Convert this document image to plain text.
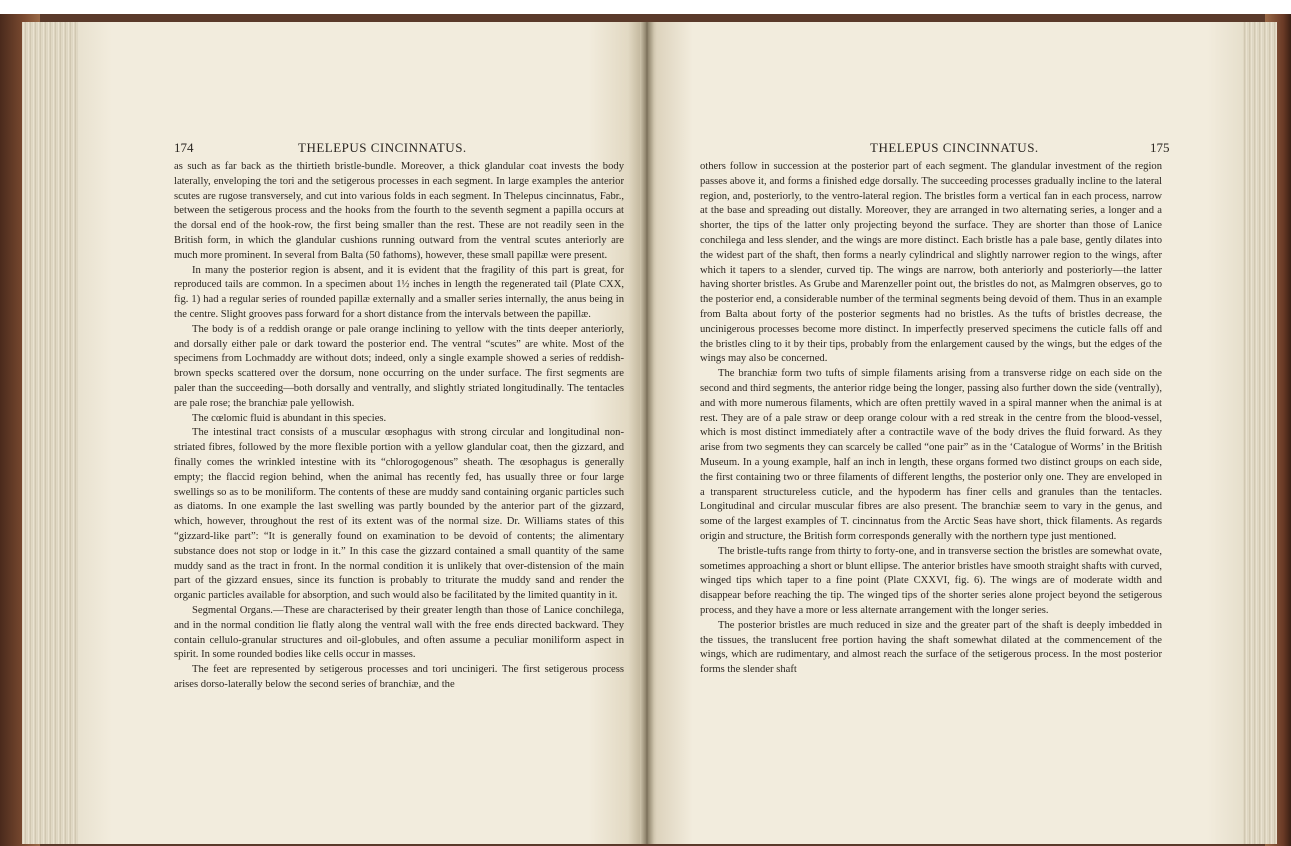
174	THELEPUS CINCINNATUS.	THELEPUS CINCINNATUS.	175

as such as far back as the thirtieth bristle-bundle. Moreover, a thick glandular coat invests the body laterally, enveloping the tori and the setigerous processes in each segment. In large examples the anterior scutes are rugose transversely, and cut into various folds in each segment. In Thelepus cincinnatus, Fabr., between the setigerous process and the hooks from the fourth to the seventh segment a papilla occurs at the dorsal end of the hook-row, the first being smaller than the rest. These are not readily seen in the British form, in which the glandular cushions running outward from the ventral scutes anteriorly are much more prominent. In several from Balta (50 fathoms), however, these small papillæ were present.

In many the posterior region is absent, and it is evident that the fragility of this part is great, for reproduced tails are common. In a specimen about 1½ inches in length the regenerated tail (Plate CXX, fig. 1) had a regular series of rounded papillæ externally and a smaller series internally, the anus being in the centre. Slight grooves pass forward for a short distance from the intervals between the papillæ.

The body is of a reddish orange or pale orange inclining to yellow with the tints deeper anteriorly, and dorsally either pale or dark toward the posterior end. The ventral “scutes” are white. Most of the specimens from Lochmaddy are without dots; indeed, only a single example showed a series of reddish-brown specks scattered over the dorsum, none occurring on the under surface. The first segments are paler than the succeeding—both dorsally and ventrally, and slightly striated longitudinally. The tentacles are pale rose; the branchiæ pale yellowish.

The cœlomic fluid is abundant in this species.

The intestinal tract consists of a muscular œsophagus with strong circular and longitudinal non-striated fibres, followed by the more flexible portion with a yellow glandular coat, then the gizzard, and finally comes the wrinkled intestine with its “chlorogogenous” sheath. The œsophagus is generally empty; the flaccid region behind, when the animal has recently fed, has usually three or four large swellings so as to be moniliform. The contents of these are muddy sand containing organic particles such as diatoms. In one example the last swelling was partly bounded by the anterior part of the gizzard, which, however, throughout the rest of its extent was of the normal size. Dr. Williams states of this “gizzard-like part”: “It is generally found on examination to be devoid of contents; the alimentary substance does not stop or lodge in it.” In this case the gizzard contained a small quantity of the same muddy sand as the tract in front. In the normal condition it is unlikely that over-distension of the main part of the gizzard ensues, since its function is probably to triturate the muddy sand and render the organic particles available for absorption, and such would also be facilitated by the limited quantity in it.

Segmental Organs.—These are characterised by their greater length than those of Lanice conchilega, and in the normal condition lie flatly along the ventral wall with the free ends directed backward. They contain cellulo-granular structures and oil-globules, and often assume a peculiar moniliform aspect in spirit. In some rounded bodies like cells occur in masses.

The feet are represented by setigerous processes and tori uncinigeri. The first setigerous process arises dorso-laterally below the second series of branchiæ, and the

others follow in succession at the posterior part of each segment. The glandular investment of the region passes above it, and forms a finished edge dorsally. The succeeding processes gradually incline to the lateral region, and, posteriorly, to the ventro-lateral region. The bristles form a vertical fan in each process, narrow at the base and spreading out distally. Moreover, they are arranged in two alternating series, a longer and a shorter, the tips of the latter only projecting beyond the surface. They are shorter than those of Lanice conchilega and less slender, and the wings are more distinct. Each bristle has a pale base, gently dilates into the widest part of the shaft, then forms a nearly cylindrical and slightly narrower region to the wings, after which it tapers to a slender, curved tip. The wings are narrow, both anteriorly and posteriorly—the latter having shorter bristles. As Grube and Marenzeller point out, the bristles do not, as Malmgren observes, go to the posterior end, a considerable number of the terminal segments being devoid of them. Thus in an example from Balta about forty of the posterior segments had no bristles. As the tufts of bristles decrease, the uncinigerous processes become more distinct. In imperfectly preserved specimens the cuticle falls off and the bristles cling to it by their tips, probably from the enlargement caused by the wings, but the edges of the wings may also be concerned.

The branchiæ form two tufts of simple filaments arising from a transverse ridge on each side on the second and third segments, the anterior ridge being the longer, passing also further down the side (ventrally), and with more numerous filaments, which are often prettily waved in a spiral manner when the animal is at rest. They are of a pale straw or deep orange colour with a red streak in the centre from the blood-vessel, which is most distinct immediately after a contractile wave of the body drives the fluid forward. As they arise from two segments they can scarcely be called “one pair” as in the ‘Catalogue of Worms’ in the British Museum. In a young example, half an inch in length, these organs formed two distinct groups on each side, the first containing two or three filaments of different lengths, the posterior only one. They are enveloped in a transparent structureless cuticle, and the hypoderm has finer cells and granules than the tentacles. Longitudinal and circular muscular fibres are also present. The branchiæ seem to vary in the genus, and some of the largest examples of T. cincinnatus from the Arctic Seas have short, thick filaments. As regards origin and structure, the British form corresponds generally with the northern type just mentioned.

The bristle-tufts range from thirty to forty-one, and in transverse section the bristles are somewhat ovate, sometimes approaching a short or blunt ellipse. The anterior bristles have smooth straight shafts with curved, winged tips which taper to a fine point (Plate CXXVI, fig. 6). The wings are of moderate width and disappear before reaching the tip. The winged tips of the shorter series alone project beyond the setigerous process, and they have a more or less alternate arrangement with the longer series.

The posterior bristles are much reduced in size and the greater part of the shaft is deeply imbedded in the tissues, the translucent free portion having the shaft somewhat dilated at the commencement of the wings, which are rudimentary, and almost reach the surface of the setigerous process. In the most posterior forms the slender shaft
